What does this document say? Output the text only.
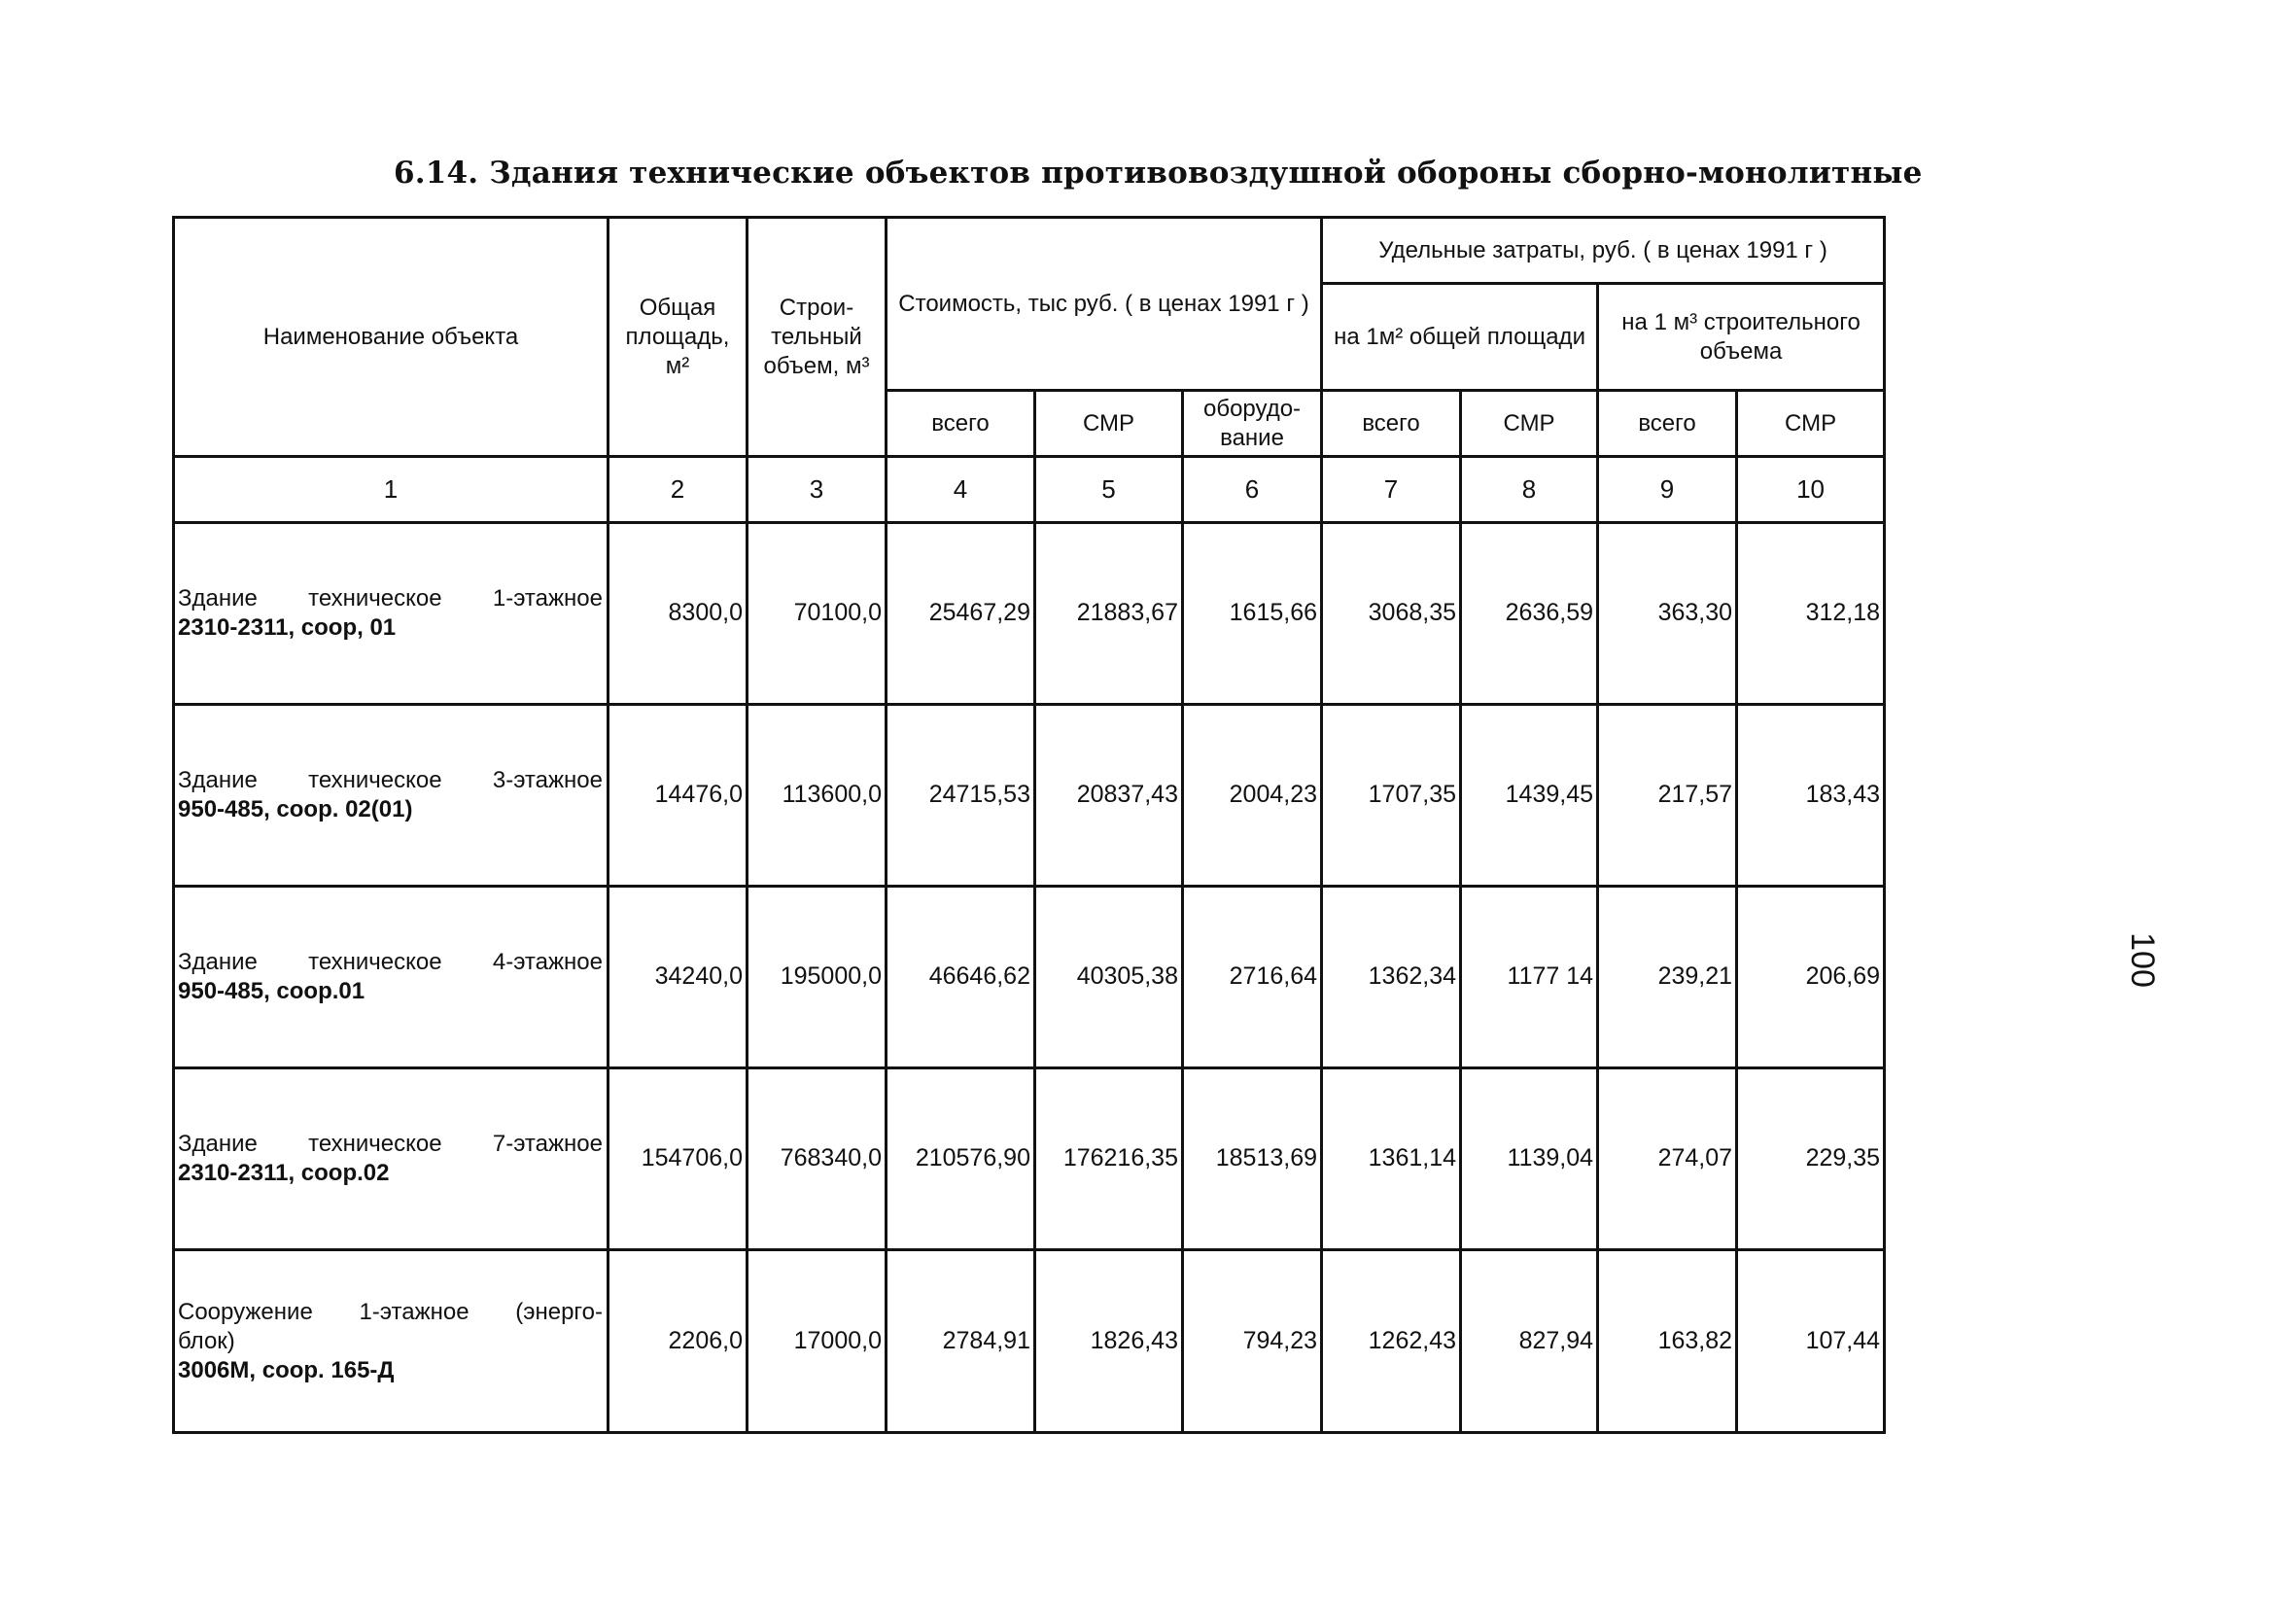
6.14. Здания технические объектов противовоздушной обороны сборно-монолитные
Наименование объекта	Общая площадь, м²	Строи-тельный объем, м³	Стоимость, тыс руб. ( в ценах 1991 г )			Удельные затраты, руб. ( в ценах 1991 г )			
						на 1м² общей площади		на 1 м³ строительного объема	
			всего	СМР	оборудо-вание	всего	СМР	всего	СМР
1	2	3	4	5	6	7	8	9	10

Здание техническое 1-этажное
2310-2311, соор, 01	8300,0	70100,0	25467,29	21883,67	1615,66	3068,35	2636,59	363,30	312,18

Здание техническое 3-этажное
950-485, соор. 02(01)	14476,0	113600,0	24715,53	20837,43	2004,23	1707,35	1439,45	217,57	183,43

Здание техническое 4-этажное
950-485, соор.01	34240,0	195000,0	46646,62	40305,38	2716,64	1362,34	1177 14	239,21	206,69

Здание техническое 7-этажное
2310-2311, соор.02	154706,0	768340,0	210576,90	176216,35	18513,69	1361,14	1139,04	274,07	229,35

Сооружение 1-этажное (энерго-
блок)
3006М, соор. 165-Д	2206,0	17000,0	2784,91	1826,43	794,23	1262,43	827,94	163,82	107,44
100
